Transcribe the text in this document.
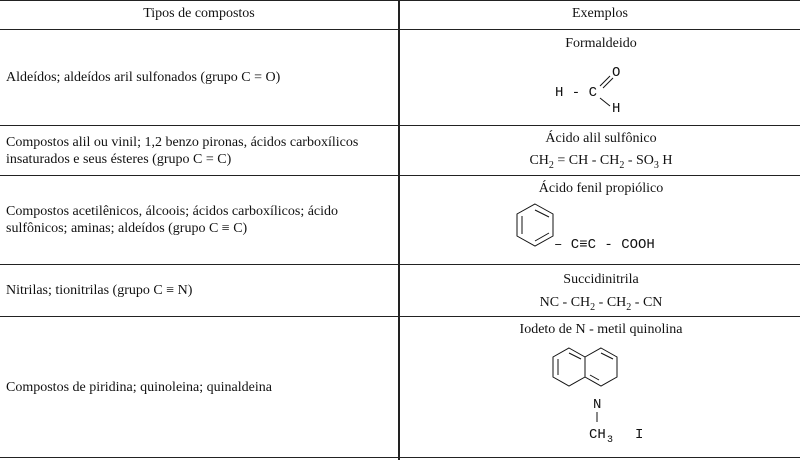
Tipos de compostos	Exemplos
Aldeídos; aldeídos aril sulfonados (grupo C = O)
Formaldeido
H - C
O
H
Compostos alil ou vinil; 1,2 benzo pironas, ácidos carboxílicos insaturados e seus ésteres (grupo C = C)
Ácido alil sulfônico
$CH_2$ = CH - $CH_2 - SO_3$ H
Compostos acetilênicos, álcoois; ácidos carboxílicos; ácido sulfônicos; aminas; aldeídos (grupo C ≡ C)
Ácido fenil propiólico
– C≡C - COOH
Nitrilas; tionitrilas (grupo C ≡ N)
Succidinitrila
NC - $CH_2 - CH_2$ - CN
Compostos de piridina; quinoleina; quinaldeina
Iodeto de N - metil quinolina
N
CH 3 I
